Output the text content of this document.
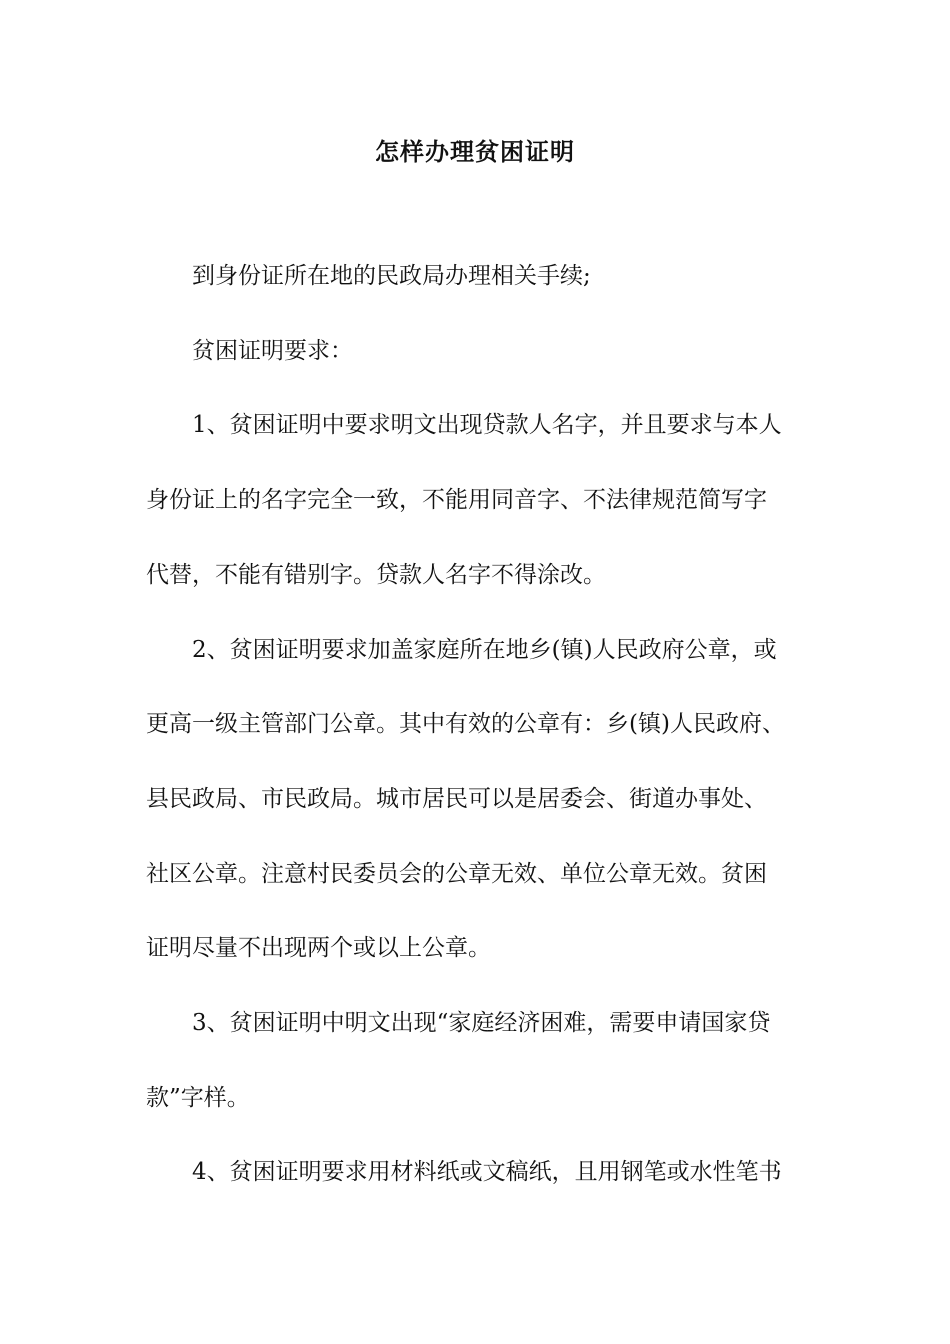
怎样办理贫困证明
到身份证所在地的民政局办理相关手续;
贫困证明要求：
1、贫困证明中要求明文出现贷款人名字，并且要求与本人
身份证上的名字完全一致，不能用同音字、不法律规范简写字
代替，不能有错别字。贷款人名字不得涂改。
2、贫困证明要求加盖家庭所在地乡(镇)人民政府公章，或
更高一级主管部门公章。其中有效的公章有：乡(镇)人民政府、
县民政局、市民政局。城市居民可以是居委会、街道办事处、
社区公章。注意村民委员会的公章无效、单位公章无效。贫困
证明尽量不出现两个或以上公章。
3、贫困证明中明文出现“家庭经济困难，需要申请国家贷
款”字样。
4、贫困证明要求用材料纸或文稿纸，且用钢笔或水性笔书
